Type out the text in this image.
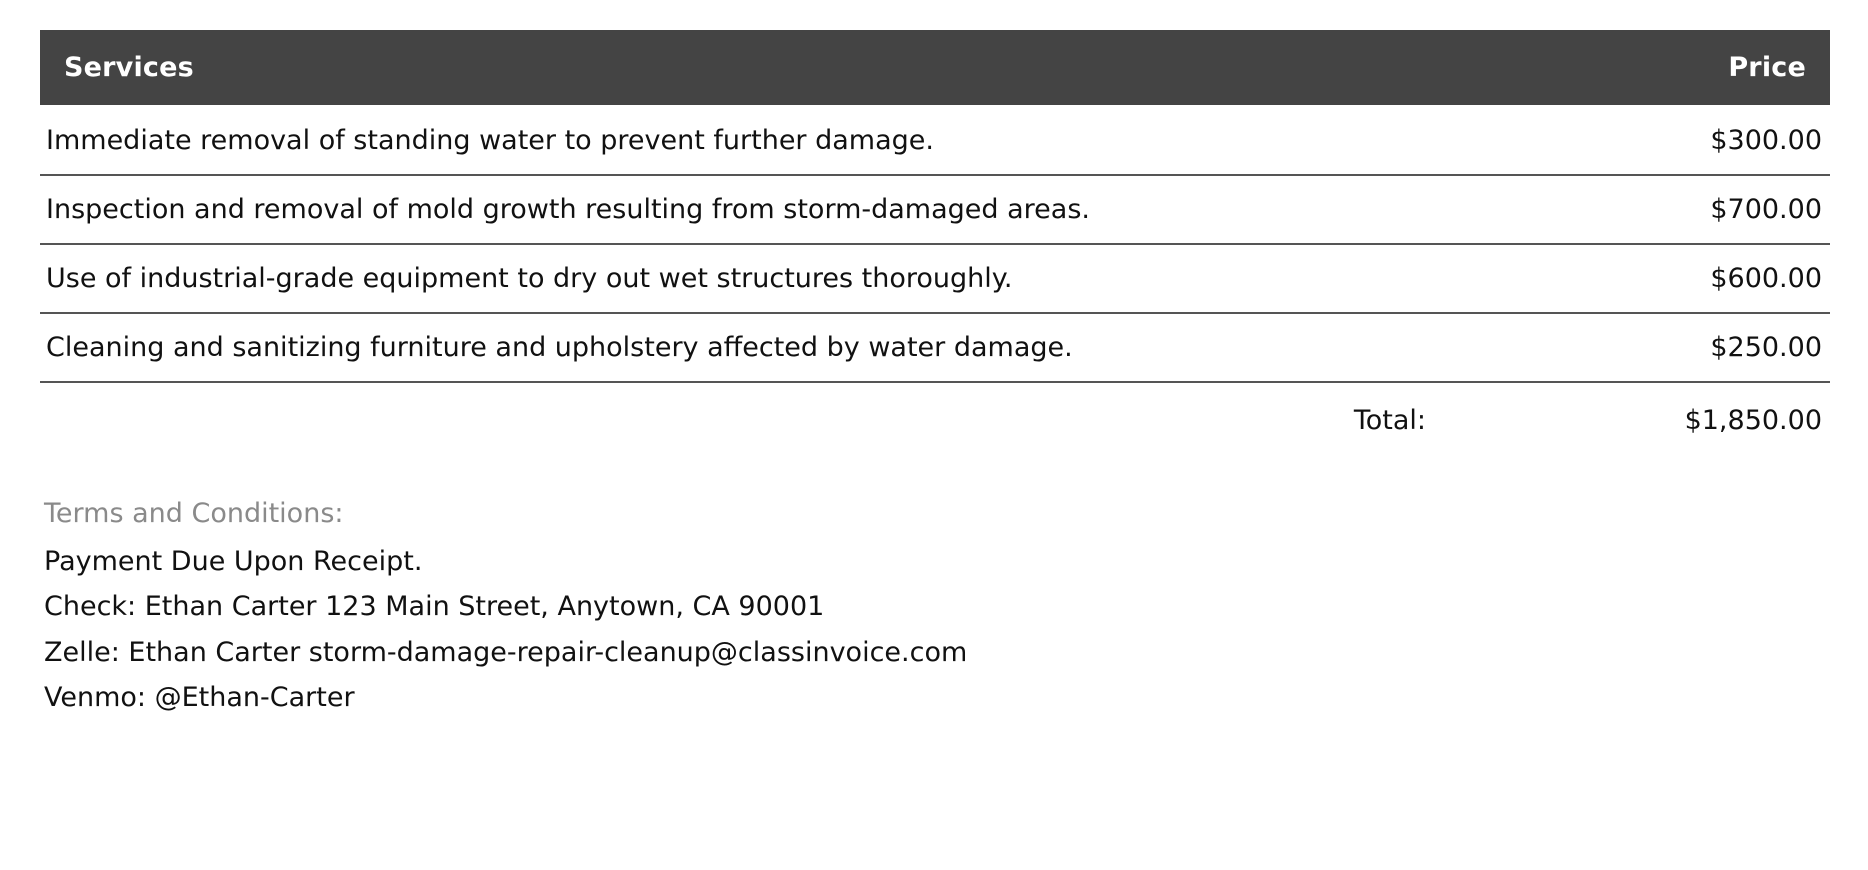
Services	Price
Immediate removal of standing water to prevent further damage.	$300.00
Inspection and removal of mold growth resulting from storm-damaged areas.	$700.00
Use of industrial-grade equipment to dry out wet structures thoroughly.	$600.00
Cleaning and sanitizing furniture and upholstery affected by water damage.	$250.00
Total:	$1,850.00
Terms and Conditions:
Payment Due Upon Receipt.
Check: Ethan Carter 123 Main Street, Anytown, CA 90001
Zelle: Ethan Carter storm-damage-repair-cleanup@classinvoice.com
Venmo: @Ethan-Carter
